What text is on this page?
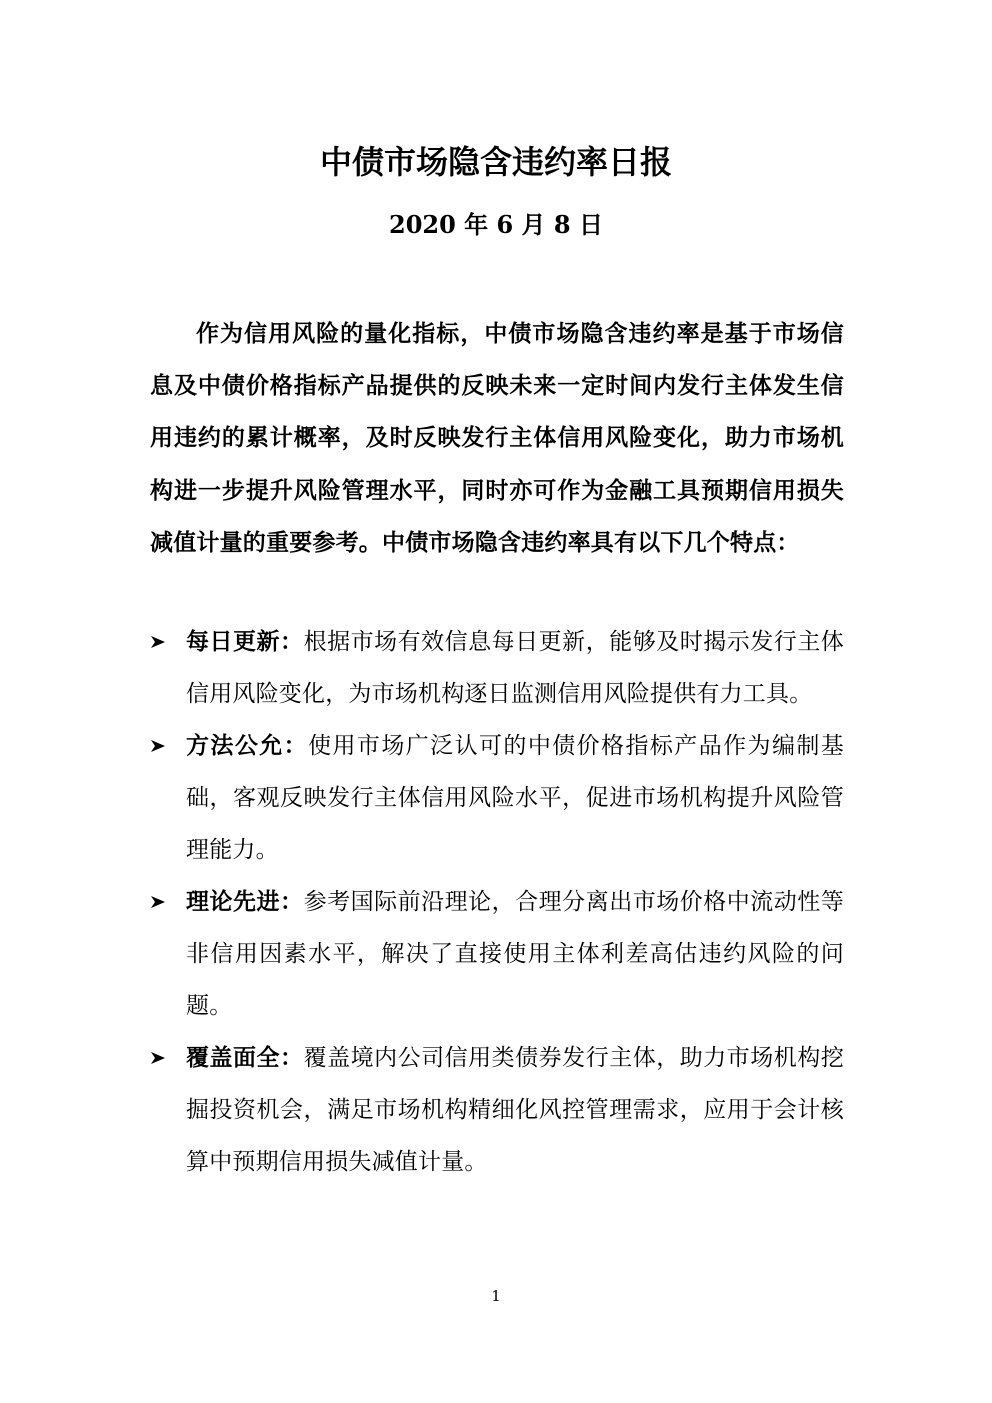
中债市场隐含违约率日报
2020 年 6 月 8 日

作为信用风险的量化指标，中债市场隐含违约率是基于市场信息及中债价格指标产品提供的反映未来一定时间内发行主体发生信用违约的累计概率，及时反映发行主体信用风险变化，助力市场机构进一步提升风险管理水平，同时亦可作为金融工具预期信用损失减值计量的重要参考。中债市场隐含违约率具有以下几个特点：

每日更新：根据市场有效信息每日更新，能够及时揭示发行主体信用风险变化，为市场机构逐日监测信用风险提供有力工具。
方法公允：使用市场广泛认可的中债价格指标产品作为编制基础，客观反映发行主体信用风险水平，促进市场机构提升风险管理能力。
理论先进：参考国际前沿理论，合理分离出市场价格中流动性等非信用因素水平，解决了直接使用主体利差高估违约风险的问题。
覆盖面全：覆盖境内公司信用类债券发行主体，助力市场机构挖掘投资机会，满足市场机构精细化风控管理需求，应用于会计核算中预期信用损失减值计量。
1
